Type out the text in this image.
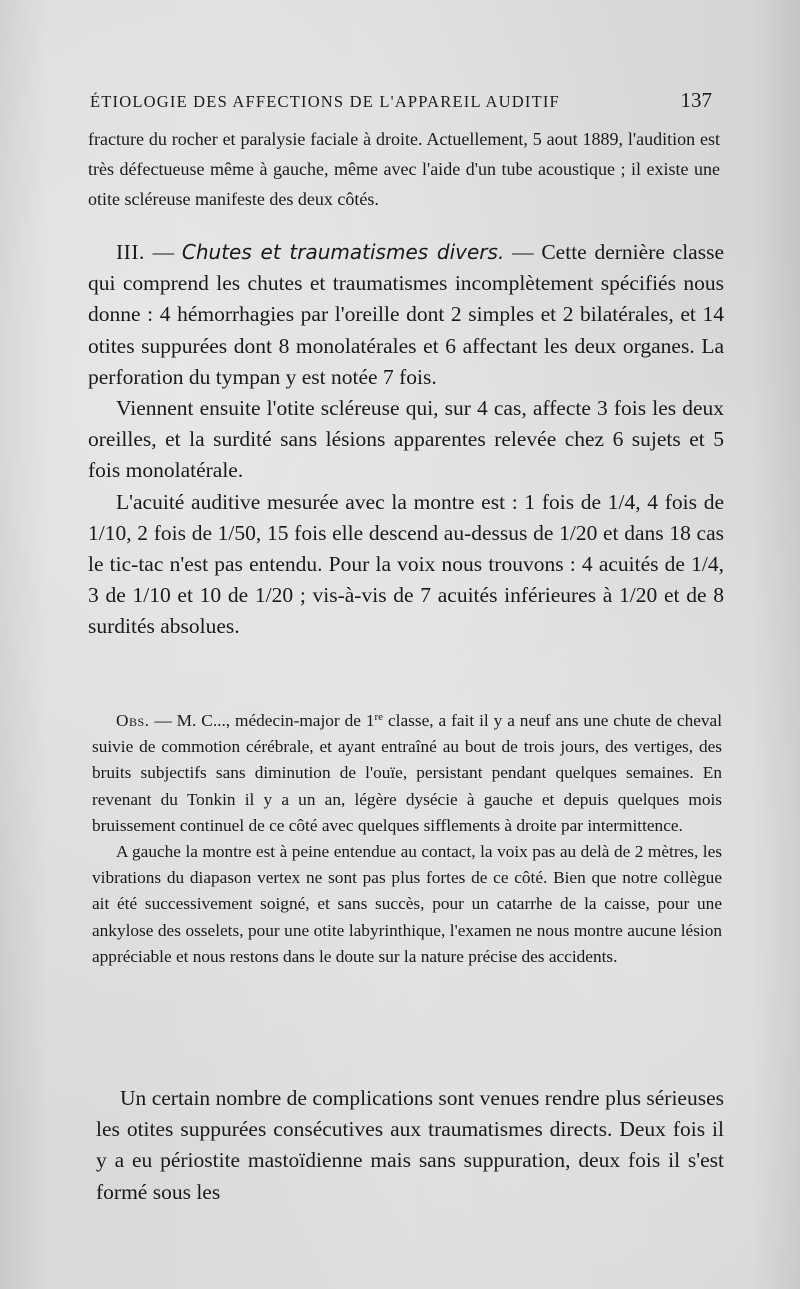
ÉTIOLOGIE DES AFFECTIONS DE L'APPAREIL AUDITIF	137
fracture du rocher et paralysie faciale à droite. Actuellement, 5 aout 1889, l'audition est très défectueuse même à gauche, même avec l'aide d'un tube acoustique ; il existe une otite scléreuse manifeste des deux côtés.

III. — Chutes et traumatismes divers. — Cette dernière classe qui comprend les chutes et traumatismes incomplètement spécifiés nous donne : 4 hémorrhagies par l'oreille dont 2 simples et 2 bilatérales, et 14 otites suppurées dont 8 monolatérales et 6 affectant les deux organes. La perforation du tympan y est notée 7 fois.

Viennent ensuite l'otite scléreuse qui, sur 4 cas, affecte 3 fois les deux oreilles, et la surdité sans lésions apparentes relevée chez 6 sujets et 5 fois monolatérale.

L'acuité auditive mesurée avec la montre est : 1 fois de 1/4, 4 fois de 1/10, 2 fois de 1/50, 15 fois elle descend au-dessus de 1/20 et dans 18 cas le tic-tac n'est pas entendu. Pour la voix nous trouvons : 4 acuités de 1/4, 3 de 1/10 et 10 de 1/20 ; vis-à-vis de 7 acuités inférieures à 1/20 et de 8 surdités absolues.

Obs. — M. C..., médecin-major de 1re classe, a fait il y a neuf ans une chute de cheval suivie de commotion cérébrale, et ayant entraîné au bout de trois jours, des vertiges, des bruits subjectifs sans diminution de l'ouïe, persistant pendant quelques semaines. En revenant du Tonkin il y a un an, légère dysécie à gauche et depuis quelques mois bruissement continuel de ce côté avec quelques sifflements à droite par intermittence.

A gauche la montre est à peine entendue au contact, la voix pas au delà de 2 mètres, les vibrations du diapason vertex ne sont pas plus fortes de ce côté. Bien que notre collègue ait été successivement soigné, et sans succès, pour un catarrhe de la caisse, pour une ankylose des osselets, pour une otite labyrinthique, l'examen ne nous montre aucune lésion appréciable et nous restons dans le doute sur la nature précise des accidents.

Un certain nombre de complications sont venues rendre plus sérieuses les otites suppurées consécutives aux traumatismes directs. Deux fois il y a eu périostite mastoïdienne mais sans suppuration, deux fois il s'est formé sous les
